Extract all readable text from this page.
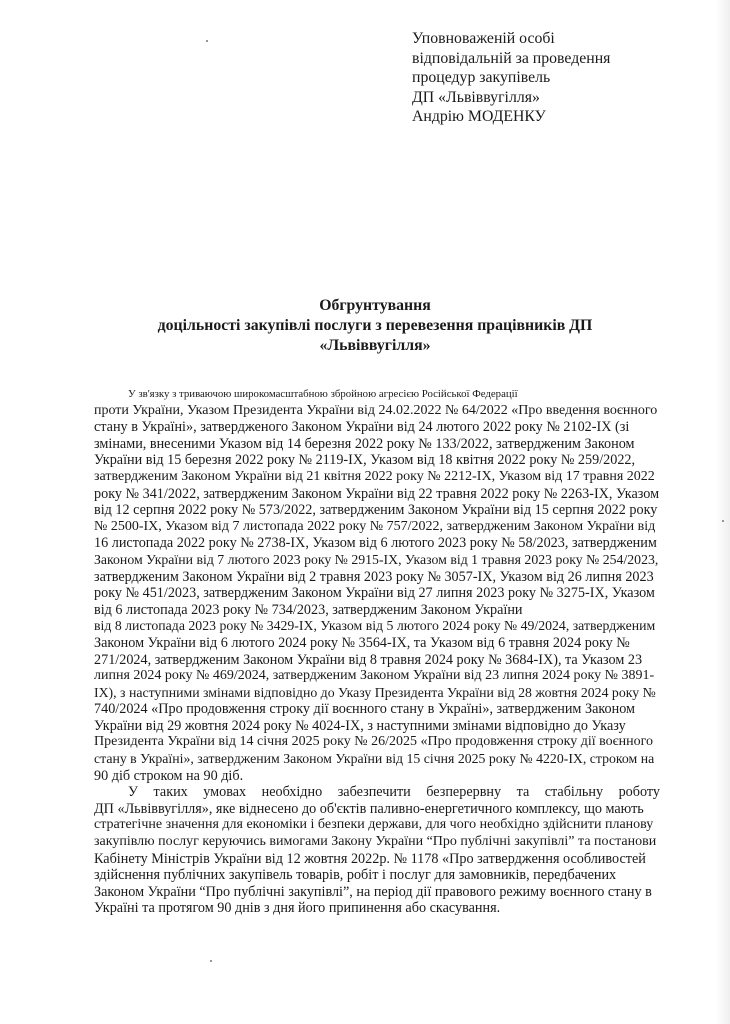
Уповноваженій особі
відповідальній за проведення
процедур закупівель
ДП «Львіввугілля»
Андрію МОДЕНКУ
Обгрунтування
доцільності закупівлі послуги з перевезення працівників ДП
«Львіввугілля»
У зв'язку з триваючою широкомасштабною збройною агресією Російської Федерації
проти України, Указом Президента України від 24.02.2022 № 64/2022 «Про введення воєнного
стану в Україні», затвердженого Законом України від 24 лютого 2022 року № 2102-IX (зі
змінами, внесеними Указом від 14 березня 2022 року № 133/2022, затвердженим Законом
України від 15 березня 2022 року № 2119-IX, Указом від 18 квітня 2022 року № 259/2022,
затвердженим Законом України від 21 квітня 2022 року № 2212-IX, Указом від 17 травня 2022
року № 341/2022, затвердженим Законом України від 22 травня 2022 року № 2263-IX, Указом
від 12 серпня 2022 року № 573/2022, затвердженим Законом України від 15 серпня 2022 року
№ 2500-IX, Указом від 7 листопада 2022 року № 757/2022, затвердженим Законом України від
16 листопада 2022 року № 2738-IX, Указом від 6 лютого 2023 року № 58/2023, затвердженим
Законом України від 7 лютого 2023 року № 2915-IX, Указом від 1 травня 2023 року № 254/2023,
затвердженим Законом України від 2 травня 2023 року № 3057-IX, Указом від 26 липня 2023
року № 451/2023, затвердженим Законом України від 27 липня 2023 року № 3275-IX, Указом
від 6 листопада 2023 року № 734/2023, затвердженим Законом України
від 8 листопада 2023 року № 3429-IX, Указом від 5 лютого 2024 року № 49/2024, затвердженим
Законом України від 6 лютого 2024 року № 3564-IX, та Указом від 6 травня 2024 року №
271/2024, затвердженим Законом України від 8 травня 2024 року № 3684-IX), та Указом 23
липня 2024 року № 469/2024, затвердженим Законом України від 23 липня 2024 року № 3891-
IX), з наступними змінами відповідно до Указу Президента України від 28 жовтня 2024 року №
740/2024 «Про продовження строку дії воєнного стану в Україні», затвердженим Законом
України від 29 жовтня 2024 року № 4024-IX, з наступними змінами відповідно до Указу
Президента України від 14 січня 2025 року № 26/2025 «Про продовження строку дії воєнного
стану в Україні», затвердженим Законом України від 15 січня 2025 року № 4220-IX, строком на
90 діб строком на 90 діб.
У таких умовах необхідно забезпечити безперервну та стабільну роботу
ДП «Львіввугілля», яке віднесено до об'єктів паливно-енергетичного комплексу, що мають
стратегічне значення для економіки і безпеки держави, для чого необхідно здійснити планову
закупівлю послуг керуючись вимогами Закону України “Про публічні закупівлі” та постанови
Кабінету Міністрів України від 12 жовтня 2022р. № 1178 «Про затвердження особливостей
здійснення публічних закупівель товарів, робіт і послуг для замовників, передбачених
Законом України “Про публічні закупівлі”, на період дії правового режиму воєнного стану в
Україні та протягом 90 днів з дня його припинення або скасування.
